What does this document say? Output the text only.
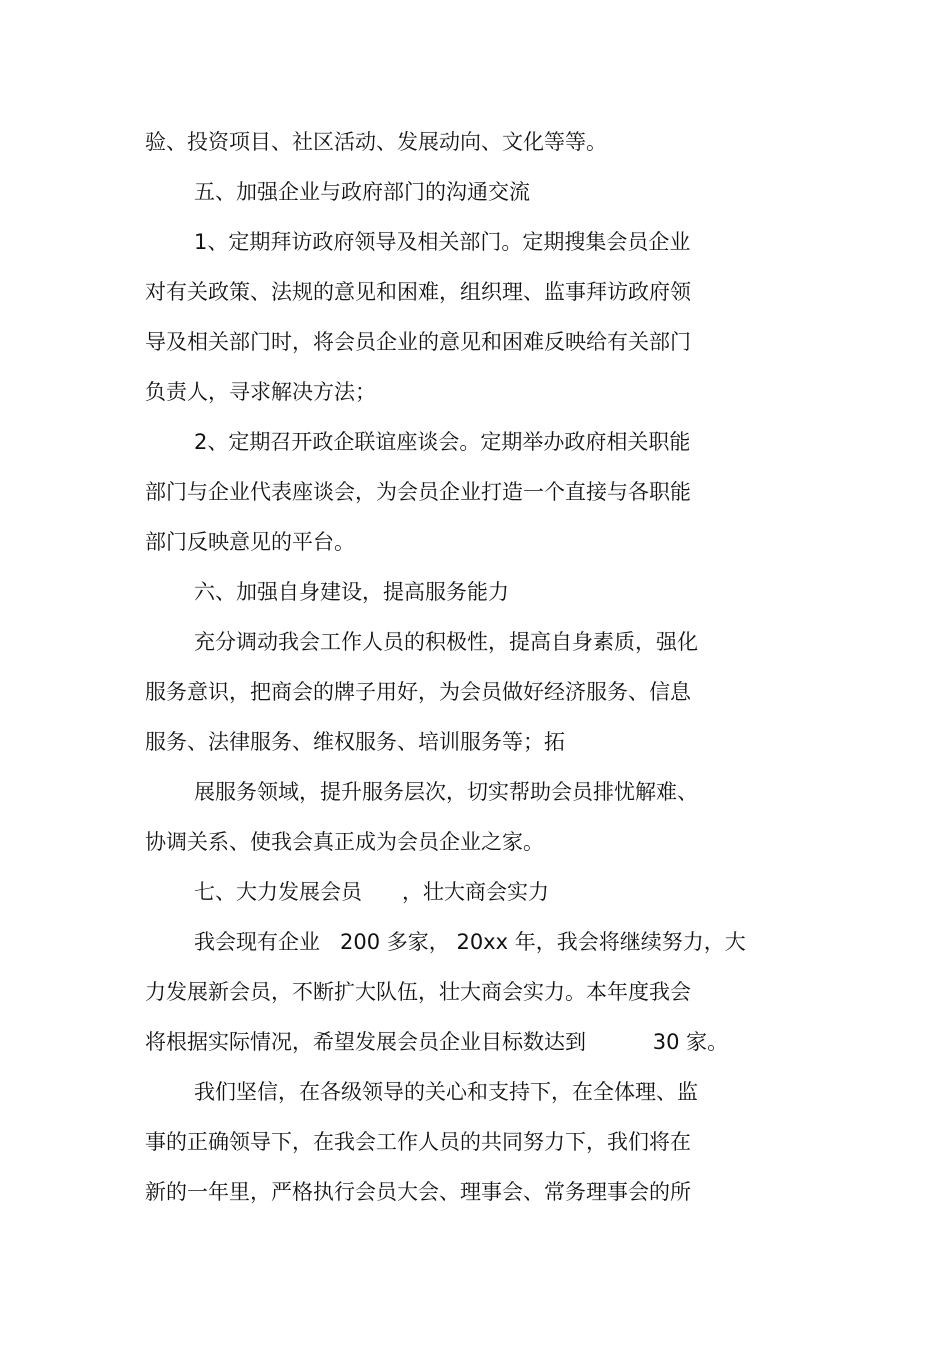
验、投资项目、社区活动、发展动向、文化等等。
五、加强企业与政府部门的沟通交流
1、定期拜访政府领导及相关部门。定期搜集会员企业
对有关政策、法规的意见和困难，组织理、监事拜访政府领
导及相关部门时，将会员企业的意见和困难反映给有关部门
负责人，寻求解决方法；
2、定期召开政企联谊座谈会。定期举办政府相关职能
部门与企业代表座谈会，为会员企业打造一个直接与各职能
部门反映意见的平台。
六、加强自身建设，提高服务能力
充分调动我会工作人员的积极性，提高自身素质，强化
服务意识，把商会的牌子用好，为会员做好经济服务、信息
服务、法律服务、维权服务、培训服务等；拓
展服务领域，提升服务层次，切实帮助会员排忧解难、
协调关系、使我会真正成为会员企业之家。
七、大力发展会员      ，壮大商会实力
我会现有企业   200 多家， 20xx 年，我会将继续努力，大
力发展新会员，不断扩大队伍，壮大商会实力。本年度我会
将根据实际情况，希望发展会员企业目标数达到          30 家。
我们坚信，在各级领导的关心和支持下，在全体理、监
事的正确领导下，在我会工作人员的共同努力下，我们将在
新的一年里，严格执行会员大会、理事会、常务理事会的所
